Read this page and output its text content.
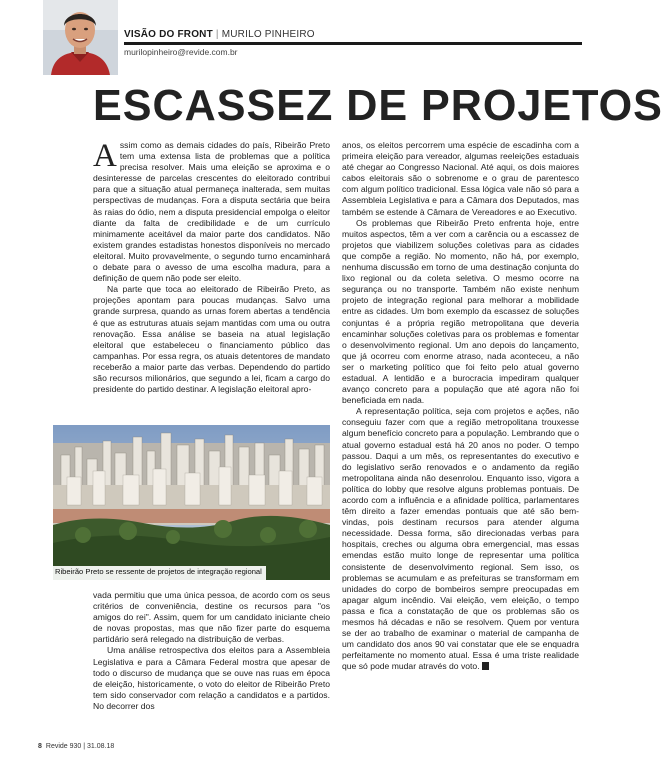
VISÃO DO FRONT | MURILO PINHEIRO
murilopinheiro@revide.com.br
ESCASSEZ DE PROJETOS

Assim como as demais cidades do país, Ribeirão Preto tem uma extensa lista de problemas que a política precisa resolver. Mais uma eleição se aproxima e o desinteresse de parcelas crescentes do eleitorado contribui para que a situação atual permaneça inalterada, sem muitas perspectivas de mudanças. Fora a disputa sectária que beira às raias do ódio, nem a disputa presidencial empolga o eleitor diante da falta de credibilidade e de um currículo minimamente aceitável da maior parte dos candidatos. Não existem grandes estadistas honestos disponíveis no mercado eleitoral. Muito provavelmente, o segundo turno encaminhará o debate para o avesso de uma escolha madura, para a definição de quem não pode ser eleito.

Na parte que toca ao eleitorado de Ribeirão Preto, as projeções apontam para poucas mudanças. Salvo uma grande surpresa, quando as urnas forem abertas a tendência é que as estruturas atuais sejam mantidas com uma ou outra renovação. Essa análise se baseia na atual legislação eleitoral que estabeleceu o financiamento público das campanhas. Por essa regra, os atuais detentores de mandato receberão a maior parte das verbas. Dependendo do partido são recursos milionários, que segundo a lei, ficam a cargo do presidente do partido destinar. A legislação eleitoral apro-

Ribeirão Preto se ressente de projetos de integração regional

vada permitiu que uma única pessoa, de acordo com os seus critérios de conveniência, destine os recursos para "os amigos do rei". Assim, quem for um candidato iniciante cheio de novas propostas, mas que não fizer parte do esquema partidário será relegado na distribuição de verbas.

Uma análise retrospectiva dos eleitos para a Assembleia Legislativa e para a Câmara Federal mostra que apesar de todo o discurso de mudança que se ouve nas ruas em época de eleição, historicamente, o voto do eleitor de Ribeirão Preto tem sido conservador com relação a candidatos e a partidos. No decorrer dos

anos, os eleitos percorrem uma espécie de escadinha com a primeira eleição para vereador, algumas reeleições estaduais até chegar ao Congresso Nacional. Até aqui, os dois maiores cabos eleitorais são o sobrenome e o grau de parentesco com algum político tradicional. Essa lógica vale não só para a Assembleia Legislativa e para a Câmara dos Deputados, mas também se estende à Câmara de Vereadores e ao Executivo.

Os problemas que Ribeirão Preto enfrenta hoje, entre muitos aspectos, têm a ver com a carência ou a escassez de projetos que viabilizem soluções coletivas para as cidades que compõe a região. No momento, não há, por exemplo, nenhuma discussão em torno de uma destinação conjunta do lixo regional ou da coleta seletiva. O mesmo ocorre na segurança ou no transporte. Também não existe nenhum projeto de integração regional para melhorar a mobilidade entre as cidades. Um bom exemplo da escassez de soluções conjuntas é a própria região metropolitana que deveria encaminhar soluções coletivas para os problemas e fomentar o desenvolvimento regional. Um ano depois do lançamento, que já ocorreu com enorme atraso, nada aconteceu, a não ser o marketing político que foi feito pelo atual governo estadual. A lentidão e a burocracia impediram qualquer avanço concreto para a população que até agora não foi beneficiada em nada.

A representação política, seja com projetos e ações, não conseguiu fazer com que a região metropolitana trouxesse algum benefício concreto para a população. Lembrando que o atual governo estadual está há 20 anos no poder. O tempo passou. Daqui a um mês, os representantes do executivo e do legislativo serão renovados e o andamento da região metropolitana ainda não desenrolou. Enquanto isso, vigora a política do lobby que resolve alguns problemas pontuais. De acordo com a influência e a afinidade política, parlamentares têm direito a fazer emendas pontuais que até são bem-vindas, pois destinam recursos para atender alguma necessidade. Dessa forma, são direcionadas verbas para hospitais, creches ou alguma obra emergencial, mas essas emendas estão muito longe de representar uma política consistente de desenvolvimento regional. Sem isso, os problemas se acumulam e as prefeituras se transformam em unidades do corpo de bombeiros sempre preocupadas em apagar algum incêndio. Vai eleição, vem eleição, o tempo passa e fica a constatação de que os problemas são os mesmos há décadas e não se resolvem. Quem por ventura se der ao trabalho de examinar o material de campanha de um candidato dos anos 90 vai constatar que ele se enquadra perfeitamente no momento atual. Essa é uma triste realidade que só pode mudar através do voto.

8 Revide 930 | 31.08.18
